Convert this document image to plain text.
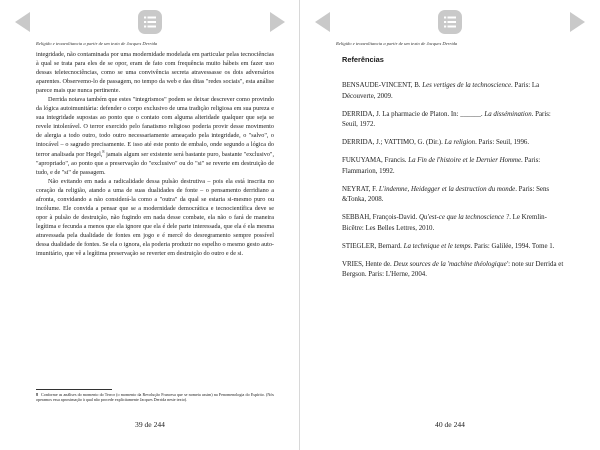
Religião e teoaeolitancia a partir de um texto de Jacques Derrida

integridade, não contaminada por uma modernidade modelada em particular pelas tecnociências à qual se trata para eles de se opor, eram de fato com frequência muito hábeis em fazer uso dessas teletecnociências, como se uma convivência secreta atravessasse os dois adversários aparentes. Observemo-lo de passagem, no tempo da web e das ditas "redes sociais", esta análise parece mais que nunca pertinente.

Derrida notava também que estes "integrismos" podem se deixar descrever como provindo da lógica autoimunitária: defender o corpo exclusivo de uma tradição religiosa em sua pureza e sua integridade supostas ao ponto que o contato com alguma alteridade qualquer que seja se revele intolerável. O terror exercido pelo fanatismo religioso poderia provir desse movimento de alergia a todo outro, todo outro necessariamente ameaçado pela integridade, o "salvo", o intocável – o sagrado precisamente. E isso até este ponto de embalo, onde segundo a lógica do terror analisada por Hegel,$^8$ jamais algum ser existente será bastante puro, bastante "exclusivo", "apropriado", ao ponto que a preservação do "exclusivo" ou do "si" se reverte em destruição de tudo, e de "si" de passagem.

Não evitando em nada a radicalidade dessa pulsão destrutiva – pois ela está inscrita no coração da religião, atando a uma de suas dualidades de fonte – o pensamento derridiano a afronta, convidando a não considerá-la como a "outra" da qual se estaria si-mesmo puro ou incólume. Ele convida a pensar que se a modernidade democrática e tecnocientífica deve se opor à pulsão de destruição, não fugindo em nada desse combate, ela não o fará de maneira legítima e fecunda a menos que ela ignore que ela é dele parte interessada, que ela é ela mesma atravessada pela dualidade de fontes em jogo e é mercê do desregramento sempre possível dessa dualidade de fontes. Se ela o ignora, ela poderia produzir no espelho o mesmo gesto auto-imunitário, que vê a legítima preservação se reverter em destruição do outro e de si.

8 Conforme as análises do momento do Terror (o momento da Revolução Francesa que se nomeia assim) na Fenomenologia do Espírito. (Nós operamos essa aproximação à qual não procede explicitamente Jacques Derrida neste texto).
39 de 244
Religião e teoaeolitancia a partir de um texto de Jacques Derrida
Referências
BENSAUDE-VINCENT, B. Les vertiges de la technoscience. Paris: La Découverte, 2009.
DERRIDA, J. La pharmacie de Platon. In: ______. La dissémination. Paris: Seuil, 1972.
DERRIDA, J.; VATTIMO, G. (Dir.). La religion. Paris: Seuil, 1996.
FUKUYAMA, Francis. La Fin de l'histoire et le Dernier Homme. Paris: Flammarion, 1992.
NEYRAT, F. L'indemne, Heidegger et la destruction du monde. Paris: Sens &Tonka, 2008.
SEBBAH, François-David. Qu'est-ce que la technoscience ?. Le Kremlin-Bicêtre: Les Belles Lettres, 2010.
STIEGLER, Bernard. La technique et le temps. Paris: Galilée, 1994. Tome 1.
VRIES, Hente de. Deux sources de la 'machine théologique': note sur Derrida et Bergson. Paris: L'Herne, 2004.
40 de 244
